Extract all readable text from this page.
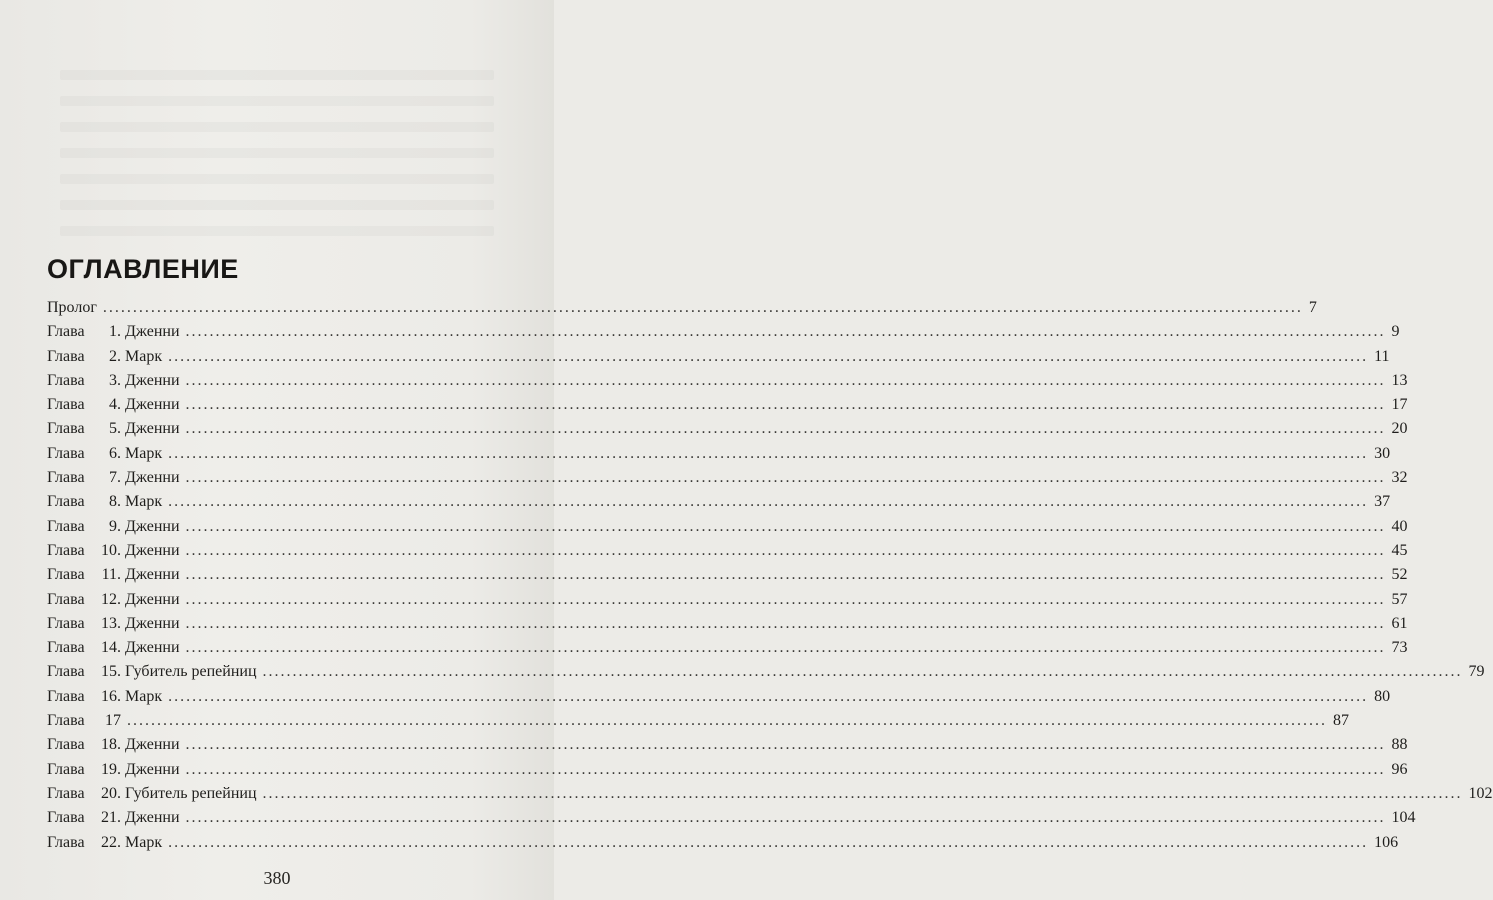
ОГЛАВЛЕНИЕ
Пролог ........................................................................................................................................................................................................ 7
Глава	1. Дженни ........................................................................................................................................................................................................ 9
Глава	2. Марк ........................................................................................................................................................................................................ 11
Глава	3. Дженни ........................................................................................................................................................................................................ 13
Глава	4. Дженни ........................................................................................................................................................................................................ 17
Глава	5. Дженни ........................................................................................................................................................................................................ 20
Глава	6. Марк ........................................................................................................................................................................................................ 30
Глава	7. Дженни ........................................................................................................................................................................................................ 32
Глава	8. Марк ........................................................................................................................................................................................................ 37
Глава	9. Дженни ........................................................................................................................................................................................................ 40
Глава	10. Дженни ........................................................................................................................................................................................................ 45
Глава	11. Дженни ........................................................................................................................................................................................................ 52
Глава	12. Дженни ........................................................................................................................................................................................................ 57
Глава	13. Дженни ........................................................................................................................................................................................................ 61
Глава	14. Дженни ........................................................................................................................................................................................................ 73
Глава	15. Губитель репейниц ........................................................................................................................................................................................................ 79
Глава	16. Марк ........................................................................................................................................................................................................ 80
Глава	17 ........................................................................................................................................................................................................ 87
Глава	18. Дженни ........................................................................................................................................................................................................ 88
Глава	19. Дженни ........................................................................................................................................................................................................ 96
Глава	20. Губитель репейниц ........................................................................................................................................................................................................ 102
Глава	21. Дженни ........................................................................................................................................................................................................ 104
Глава	22. Марк ........................................................................................................................................................................................................ 106
380
